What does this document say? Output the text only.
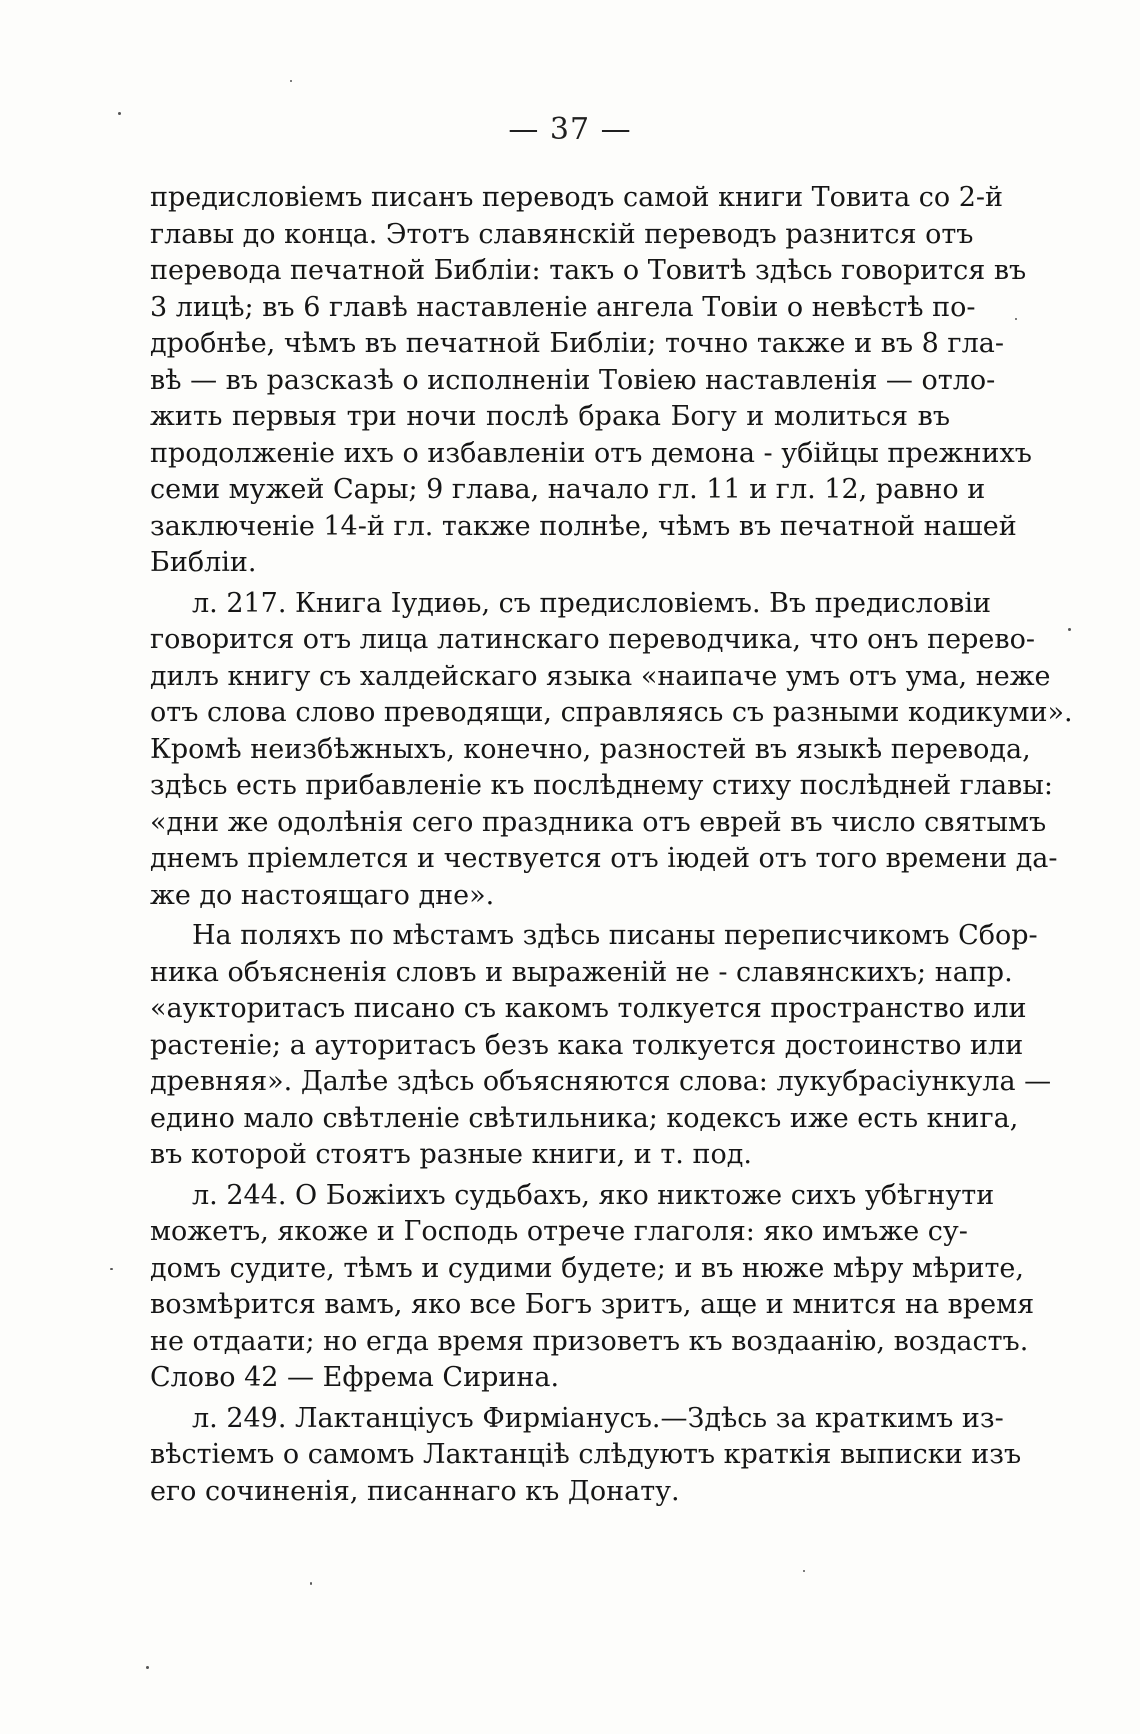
— 37 —
предисловіемъ писанъ переводъ самой книги Товита со 2-й
главы до конца. Этотъ славянскій переводъ разнится отъ
перевода печатной Библіи: такъ о Товитѣ здѣсь говорится въ
3 лицѣ; въ 6 главѣ наставленіе ангела Товіи о невѣстѣ по-
дробнѣе, чѣмъ въ печатной Библіи; точно также и въ 8 гла-
вѣ — въ разсказѣ о исполненіи Товіею наставленія — отло-
жить первыя три ночи послѣ брака Богу и молиться въ
продолженіе ихъ о избавленіи отъ демона - убійцы прежнихъ
семи мужей Сары; 9 глава, начало гл. 11 и гл. 12, равно и
заключеніе 14-й гл. также полнѣе, чѣмъ въ печатной нашей
Библіи.
л. 217. Книга Іудиѳь, съ предисловіемъ. Въ предисловіи
говорится отъ лица латинскаго переводчика, что онъ перево-
дилъ книгу съ халдейскаго языка «наипаче умъ отъ ума, неже
отъ слова слово преводящи, справляясь съ разными кодикуми».
Кромѣ неизбѣжныхъ, конечно, разностей въ языкѣ перевода,
здѣсь есть прибавленіе къ послѣднему стиху послѣдней главы:
«дни же одолѣнія сего праздника отъ еврей въ число святымъ
днемъ пріемлется и чествуется отъ іюдей отъ того времени да-
же до настоящаго дне».
На поляхъ по мѣстамъ здѣсь писаны переписчикомъ Сбор-
ника объясненія словъ и выраженій не - славянскихъ; напр.
«аукторитасъ писано съ какомъ толкуется пространство или
растеніе; а ауторитасъ безъ кака толкуется достоинство или
древняя». Далѣе здѣсь объясняются слова: лукубрасіункула —
едино мало свѣтленіе свѣтильника; кодексъ иже есть книга,
въ которой стоятъ разные книги, и т. под.
л. 244. О Божіихъ судьбахъ, яко никтоже сихъ убѣгнути
можетъ, якоже и Господь отрече глаголя: яко имъже су-
домъ судите, тѣмъ и судими будете; и въ нюже мѣру мѣрите,
возмѣрится вамъ, яко все Богъ зритъ, аще и мнится на время
не отдаати; но егда время призоветъ къ воздаанію, воздастъ.
Слово 42 — Ефрема Сирина.
л. 249. Лактанціусъ Фирміанусъ.—Здѣсь за краткимъ из-
вѣстіемъ о самомъ Лактанціѣ слѣдуютъ краткія выписки изъ
его сочиненія, писаннаго къ Донату.
